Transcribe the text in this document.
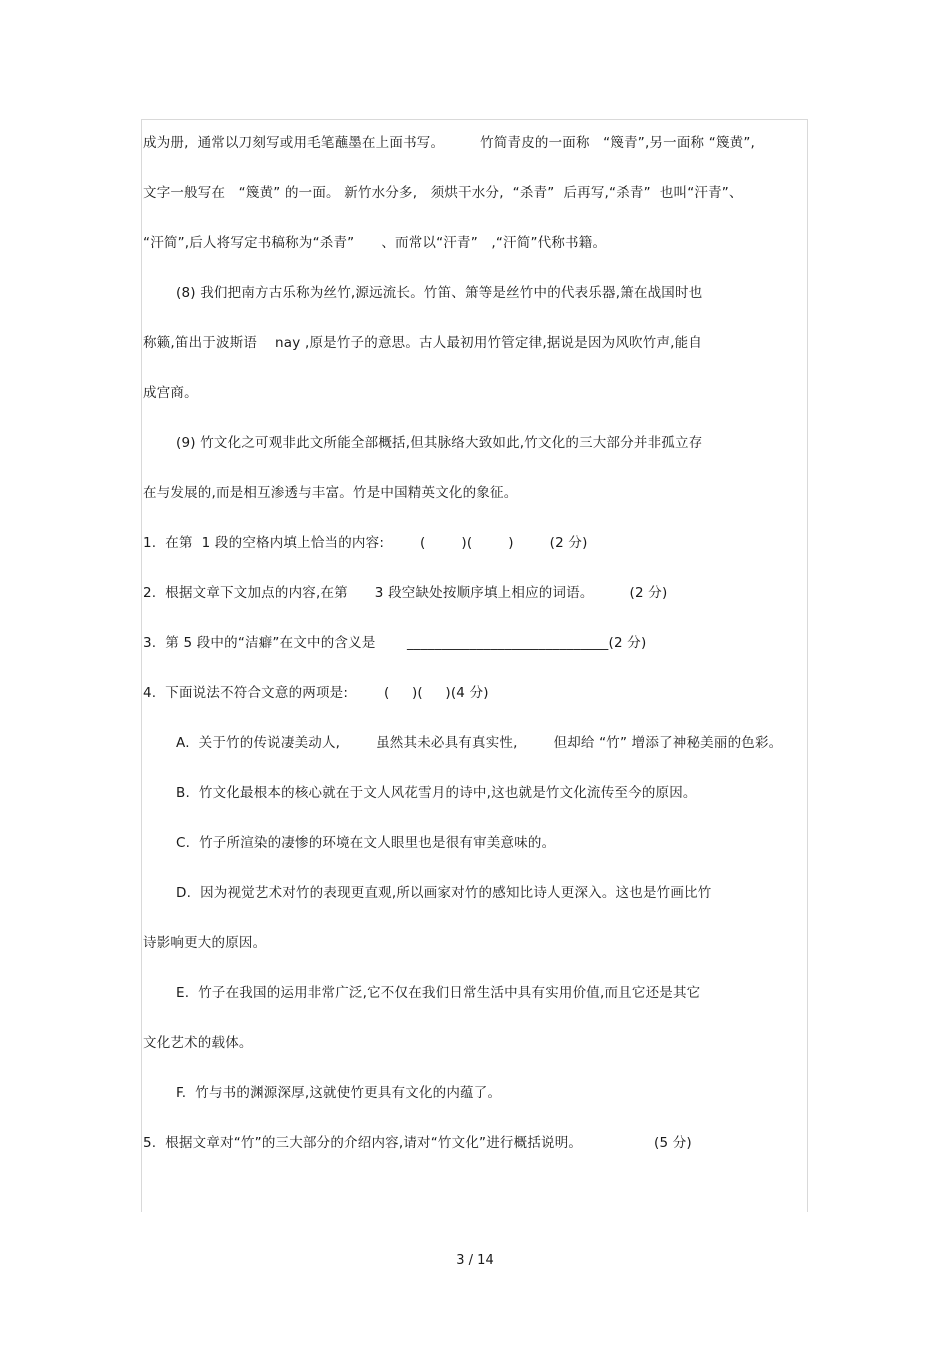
成为册,  通常以刀刻写或用毛笔蘸墨在上面书写。        竹简青皮的一面称   “篾青”,另一面称 “篾黄”,
文字一般写在   “篾黄” 的一面。 新竹水分多,   须烘干水分,  “杀青”  后再写,“杀青”  也叫“汗青”、
“汗简”,后人将写定书稿称为“杀青”      、而常以“汗青”   ,“汗简”代称书籍。
(8) 我们把南方古乐称为丝竹,源远流长。竹笛、箫等是丝竹中的代表乐器,箫在战国时也
称籁,笛出于波斯语    nay ,原是竹子的意思。古人最初用竹管定律,据说是因为风吹竹声,能自
成宫商。
(9) 竹文化之可观非此文所能全部概括,但其脉络大致如此,竹文化的三大部分并非孤立存
在与发展的,而是相互渗透与丰富。竹是中国精英文化的象征。
1.  在第  1 段的空格内填上恰当的内容:        (        )(        )        (2 分)
2.  根据文章下文加点的内容,在第      3 段空缺处按顺序填上相应的词语。        (2 分)
3.  第 5 段中的“洁癖”在文中的含义是       _____________________________(2 分)
4.  下面说法不符合文意的两项是:        (     )(     )(4 分)
A.  关于竹的传说凄美动人,        虽然其未必具有真实性,        但却给 “竹” 增添了神秘美丽的色彩。
B.  竹文化最根本的核心就在于文人风花雪月的诗中,这也就是竹文化流传至今的原因。
C.  竹子所渲染的凄惨的环境在文人眼里也是很有审美意味的。
D.  因为视觉艺术对竹的表现更直观,所以画家对竹的感知比诗人更深入。这也是竹画比竹
诗影响更大的原因。
E.  竹子在我国的运用非常广泛,它不仅在我们日常生活中具有实用价值,而且它还是其它
文化艺术的载体。
F.  竹与书的渊源深厚,这就使竹更具有文化的内蕴了。
5.  根据文章对“竹”的三大部分的介绍内容,请对“竹文化”进行概括说明。                (5 分)
3 / 14
